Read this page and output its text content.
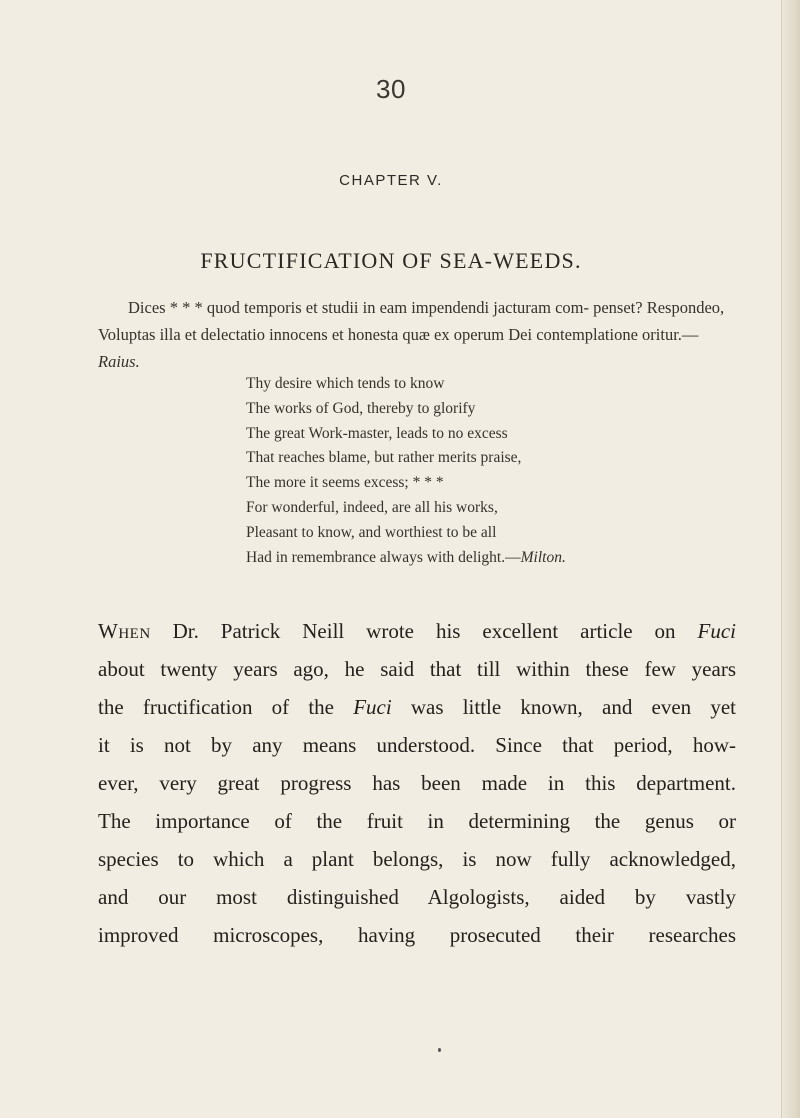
30
CHAPTER V.
FRUCTIFICATION OF SEA-WEEDS.
Dices * * * quod temporis et studii in eam impendendi jacturam com- penset? Respondeo, Voluptas illa et delectatio innocens et honesta quæ ex operum Dei contemplatione oritur.—Raius.
Thy desire which tends to know
The works of God, thereby to glorify
The great Work-master, leads to no excess
That reaches blame, but rather merits praise,
The more it seems excess; * * *
For wonderful, indeed, are all his works,
Pleasant to know, and worthiest to be all
Had in remembrance always with delight.—Milton.
When Dr. Patrick Neill wrote his excellent article on Fuci
about twenty years ago, he said that till within these few years
the fructification of the Fuci was little known, and even yet
it is not by any means understood. Since that period, how-
ever, very great progress has been made in this department.
The importance of the fruit in determining the genus or
species to which a plant belongs, is now fully acknowledged,
and our most distinguished Algologists, aided by vastly
improved microscopes, having prosecuted their researches
